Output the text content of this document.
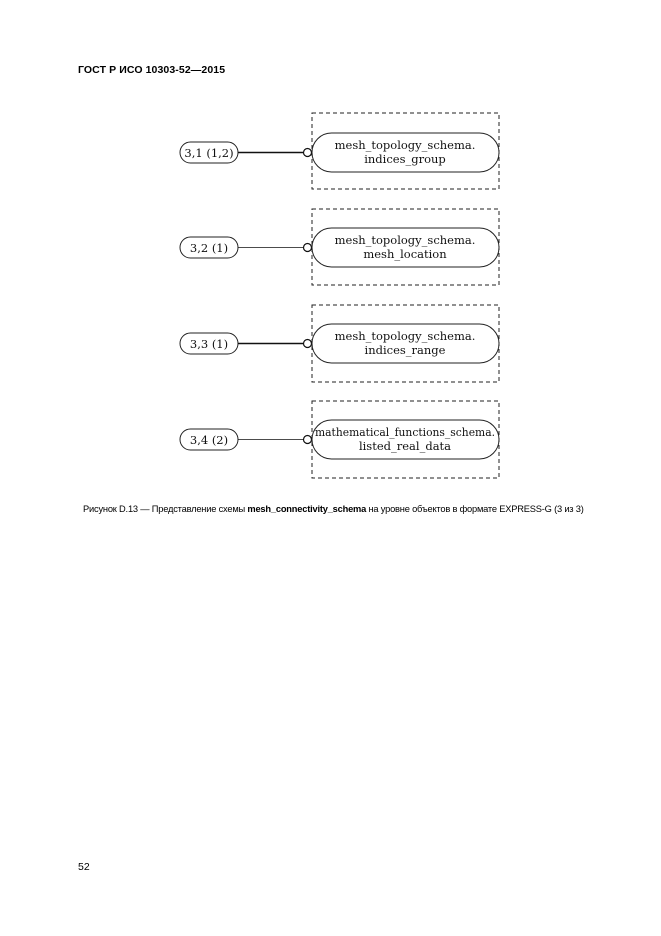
ГОСТ Р ИСО 10303-52—2015
3,1 (1,2)
mesh_topology_schema.
indices_group
3,2 (1)
mesh_topology_schema.
mesh_location
3,3 (1)
mesh_topology_schema.
indices_range
3,4 (2)
mathematical_functions_schema.
listed_real_data
Рисунок D.13 — Представление схемы mesh_connectivity_schema на уровне объектов в формате EXPRESS-G (3 из 3)
52
